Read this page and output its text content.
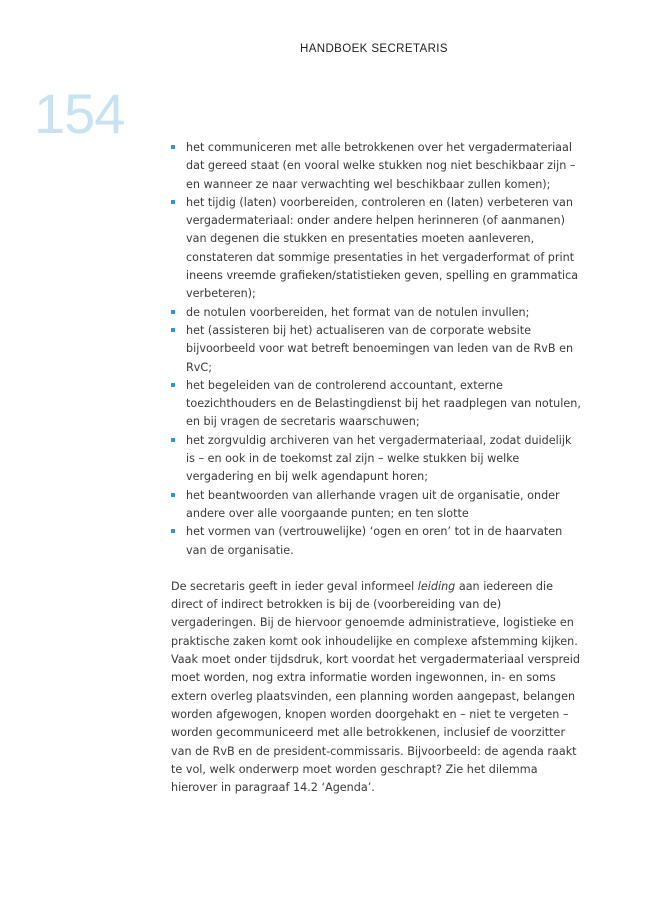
HANDBOEK SECRETARIS
154
het communiceren met alle betrokkenen over het vergadermateriaal dat gereed staat (en vooral welke stukken nog niet beschikbaar zijn – en wanneer ze naar verwachting wel beschikbaar zullen komen);
het tijdig (laten) voorbereiden, controleren en (laten) verbeteren van vergadermateriaal: onder andere helpen herinneren (of aanmanen) van degenen die stukken en presentaties moeten aanleveren, constateren dat sommige presentaties in het vergaderformat of print ineens vreemde grafieken/statistieken geven, spelling en grammatica verbeteren);
de notulen voorbereiden, het format van de notulen invullen;
het (assisteren bij het) actualiseren van de corporate website bijvoorbeeld voor wat betreft benoemingen van leden van de RvB en RvC;
het begeleiden van de controlerend accountant, externe toezichthouders en de Belastingdienst bij het raadplegen van notulen, en bij vragen de secretaris waarschuwen;
het zorgvuldig archiveren van het vergadermateriaal, zodat duidelijk is – en ook in de toekomst zal zijn – welke stukken bij welke vergadering en bij welk agendapunt horen;
het beantwoorden van allerhande vragen uit de organisatie, onder andere over alle voorgaande punten; en ten slotte
het vormen van (vertrouwelijke) ‘ogen en oren’ tot in de haarvaten van de organisatie.

De secretaris geeft in ieder geval informeel leiding aan iedereen die direct of indirect betrokken is bij de (voorbereiding van de) vergaderingen. Bij de hiervoor genoemde administratieve, logistieke en praktische zaken komt ook inhoudelijke en complexe afstemming kijken. Vaak moet onder tijdsdruk, kort voordat het vergadermateriaal verspreid moet worden, nog extra informatie worden ingewonnen, in- en soms extern overleg plaatsvinden, een planning worden aangepast, belangen worden afgewogen, knopen worden doorgehakt en – niet te vergeten – worden gecommuniceerd met alle betrokkenen, inclusief de voorzitter van de RvB en de president-commissaris. Bijvoorbeeld: de agenda raakt te vol, welk onderwerp moet worden geschrapt? Zie het dilemma hierover in paragraaf 14.2 ‘Agenda’.
